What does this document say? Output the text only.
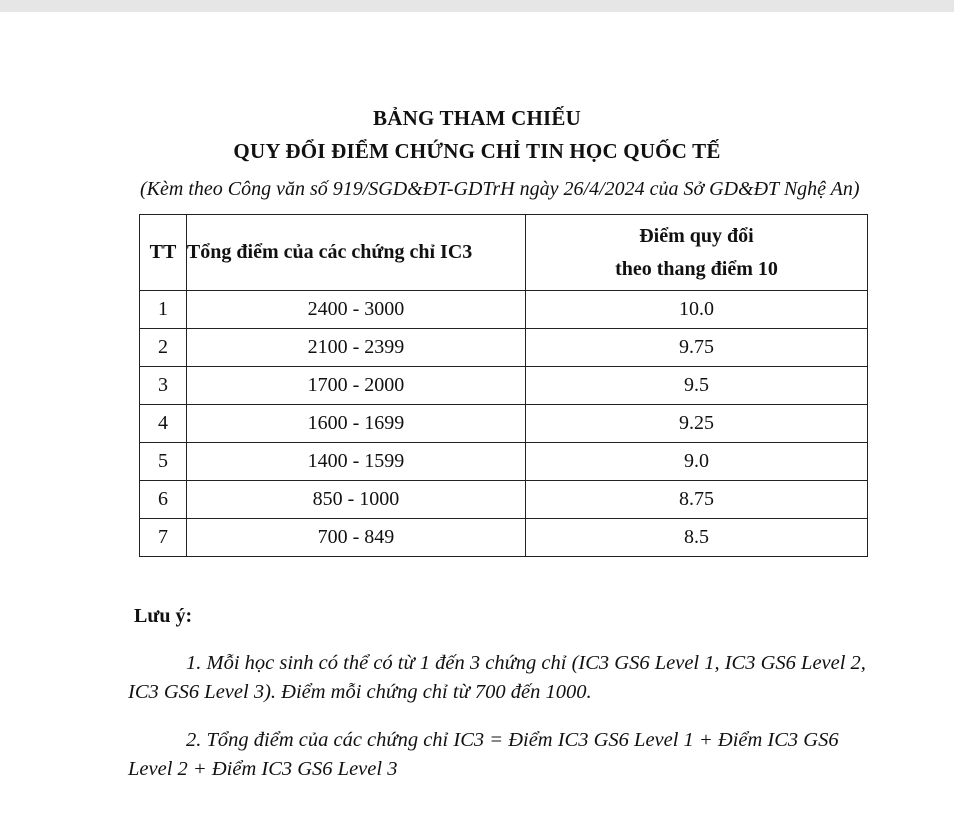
BẢNG THAM CHIẾU
QUY ĐỔI ĐIỂM CHỨNG CHỈ TIN HỌC QUỐC TẾ
(Kèm theo Công văn số 919/SGD&ĐT-GDTrH ngày 26/4/2024 của Sở GD&ĐT Nghệ An)
TT	Tổng điểm của các chứng chỉ IC3	Điểm quy đổi
theo thang điểm 10

1	2400 - 3000	10.0
2	2100 - 2399	9.75
3	1700 - 2000	9.5
4	1600 - 1699	9.25
5	1400 - 1599	9.0
6	850 - 1000	8.75
7	700 - 849	8.5
Lưu ý:
1. Mỗi học sinh có thể có từ 1 đến 3 chứng chỉ (IC3 GS6 Level 1, IC3 GS6 Level 2, IC3 GS6 Level 3). Điểm mỗi chứng chỉ từ 700 đến 1000.
2. Tổng điểm của các chứng chỉ IC3 = Điểm IC3 GS6 Level 1 + Điểm IC3 GS6 Level 2 + Điểm IC3 GS6 Level 3
